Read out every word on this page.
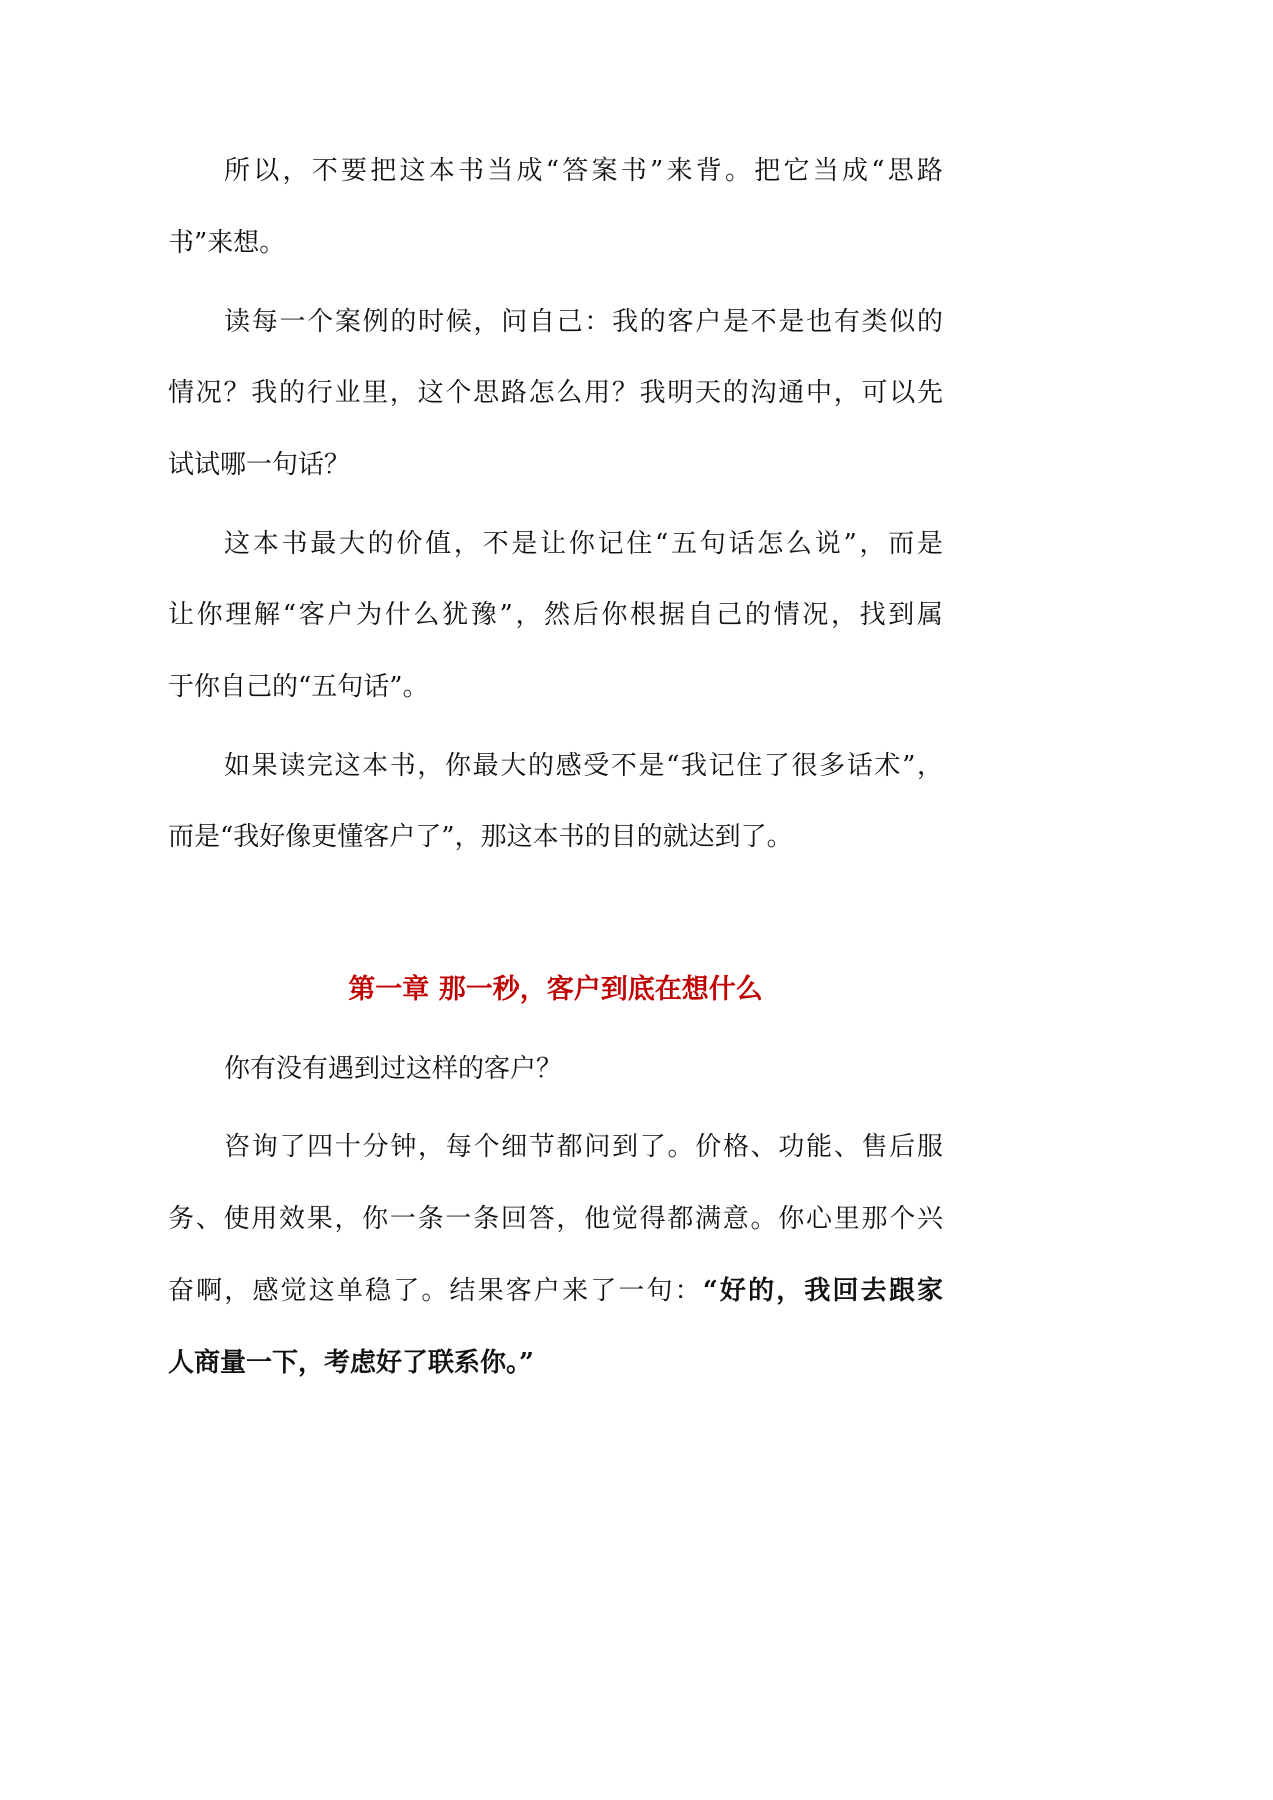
所以，不要把这本书当成“答案书”来背。把它当成“思路
书”来想。
读每一个案例的时候，问自己：我的客户是不是也有类似的
情况？我的行业里，这个思路怎么用？我明天的沟通中，可以先
试试哪一句话？
这本书最大的价值，不是让你记住“五句话怎么说”，而是
让你理解“客户为什么犹豫”，然后你根据自己的情况，找到属
于你自己的“五句话”。
如果读完这本书，你最大的感受不是“我记住了很多话术”，
而是“我好像更懂客户了”，那这本书的目的就达到了。
第一章 那一秒，客户到底在想什么
你有没有遇到过这样的客户？
咨询了四十分钟，每个细节都问到了。价格、功能、售后服
务、使用效果，你一条一条回答，他觉得都满意。你心里那个兴
奋啊，感觉这单稳了。结果客户来了一句：“好的，我回去跟家
人商量一下，考虑好了联系你。”
